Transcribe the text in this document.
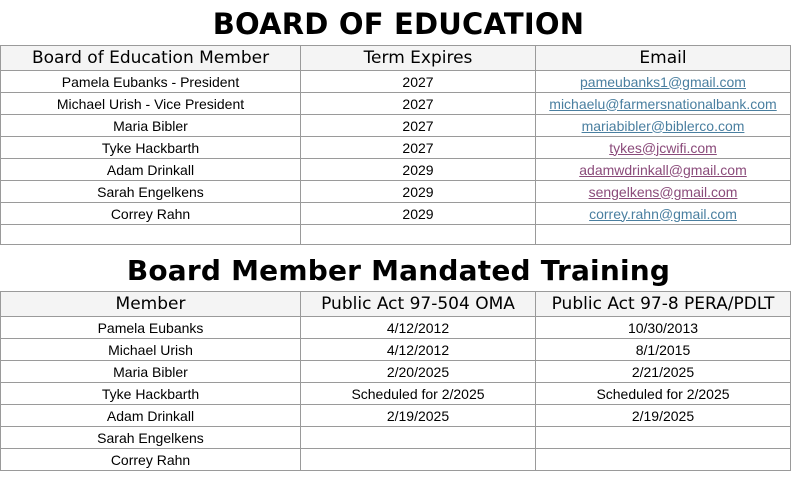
BOARD OF EDUCATION
Board of Education Member	Term Expires	Email
Pamela Eubanks - President	2027	pameubanks1@gmail.com
Michael Urish - Vice President	2027	michaelu@farmersnationalbank.com
Maria Bibler	2027	mariabibler@biblerco.com
Tyke Hackbarth	2027	tykes@jcwifi.com
Adam Drinkall	2029	adamwdrinkall@gmail.com
Sarah Engelkens	2029	sengelkens@gmail.com
Correy Rahn	2029	correy.rahn@gmail.com

Board Member Mandated Training
Member	Public Act 97-504 OMA	Public Act 97-8 PERA/PDLT
Pamela Eubanks	4/12/2012	10/30/2013
Michael Urish	4/12/2012	8/1/2015
Maria Bibler	2/20/2025	2/21/2025
Tyke Hackbarth	Scheduled for 2/2025	Scheduled for 2/2025
Adam Drinkall	2/19/2025	2/19/2025
Sarah Engelkens		
Correy Rahn		
